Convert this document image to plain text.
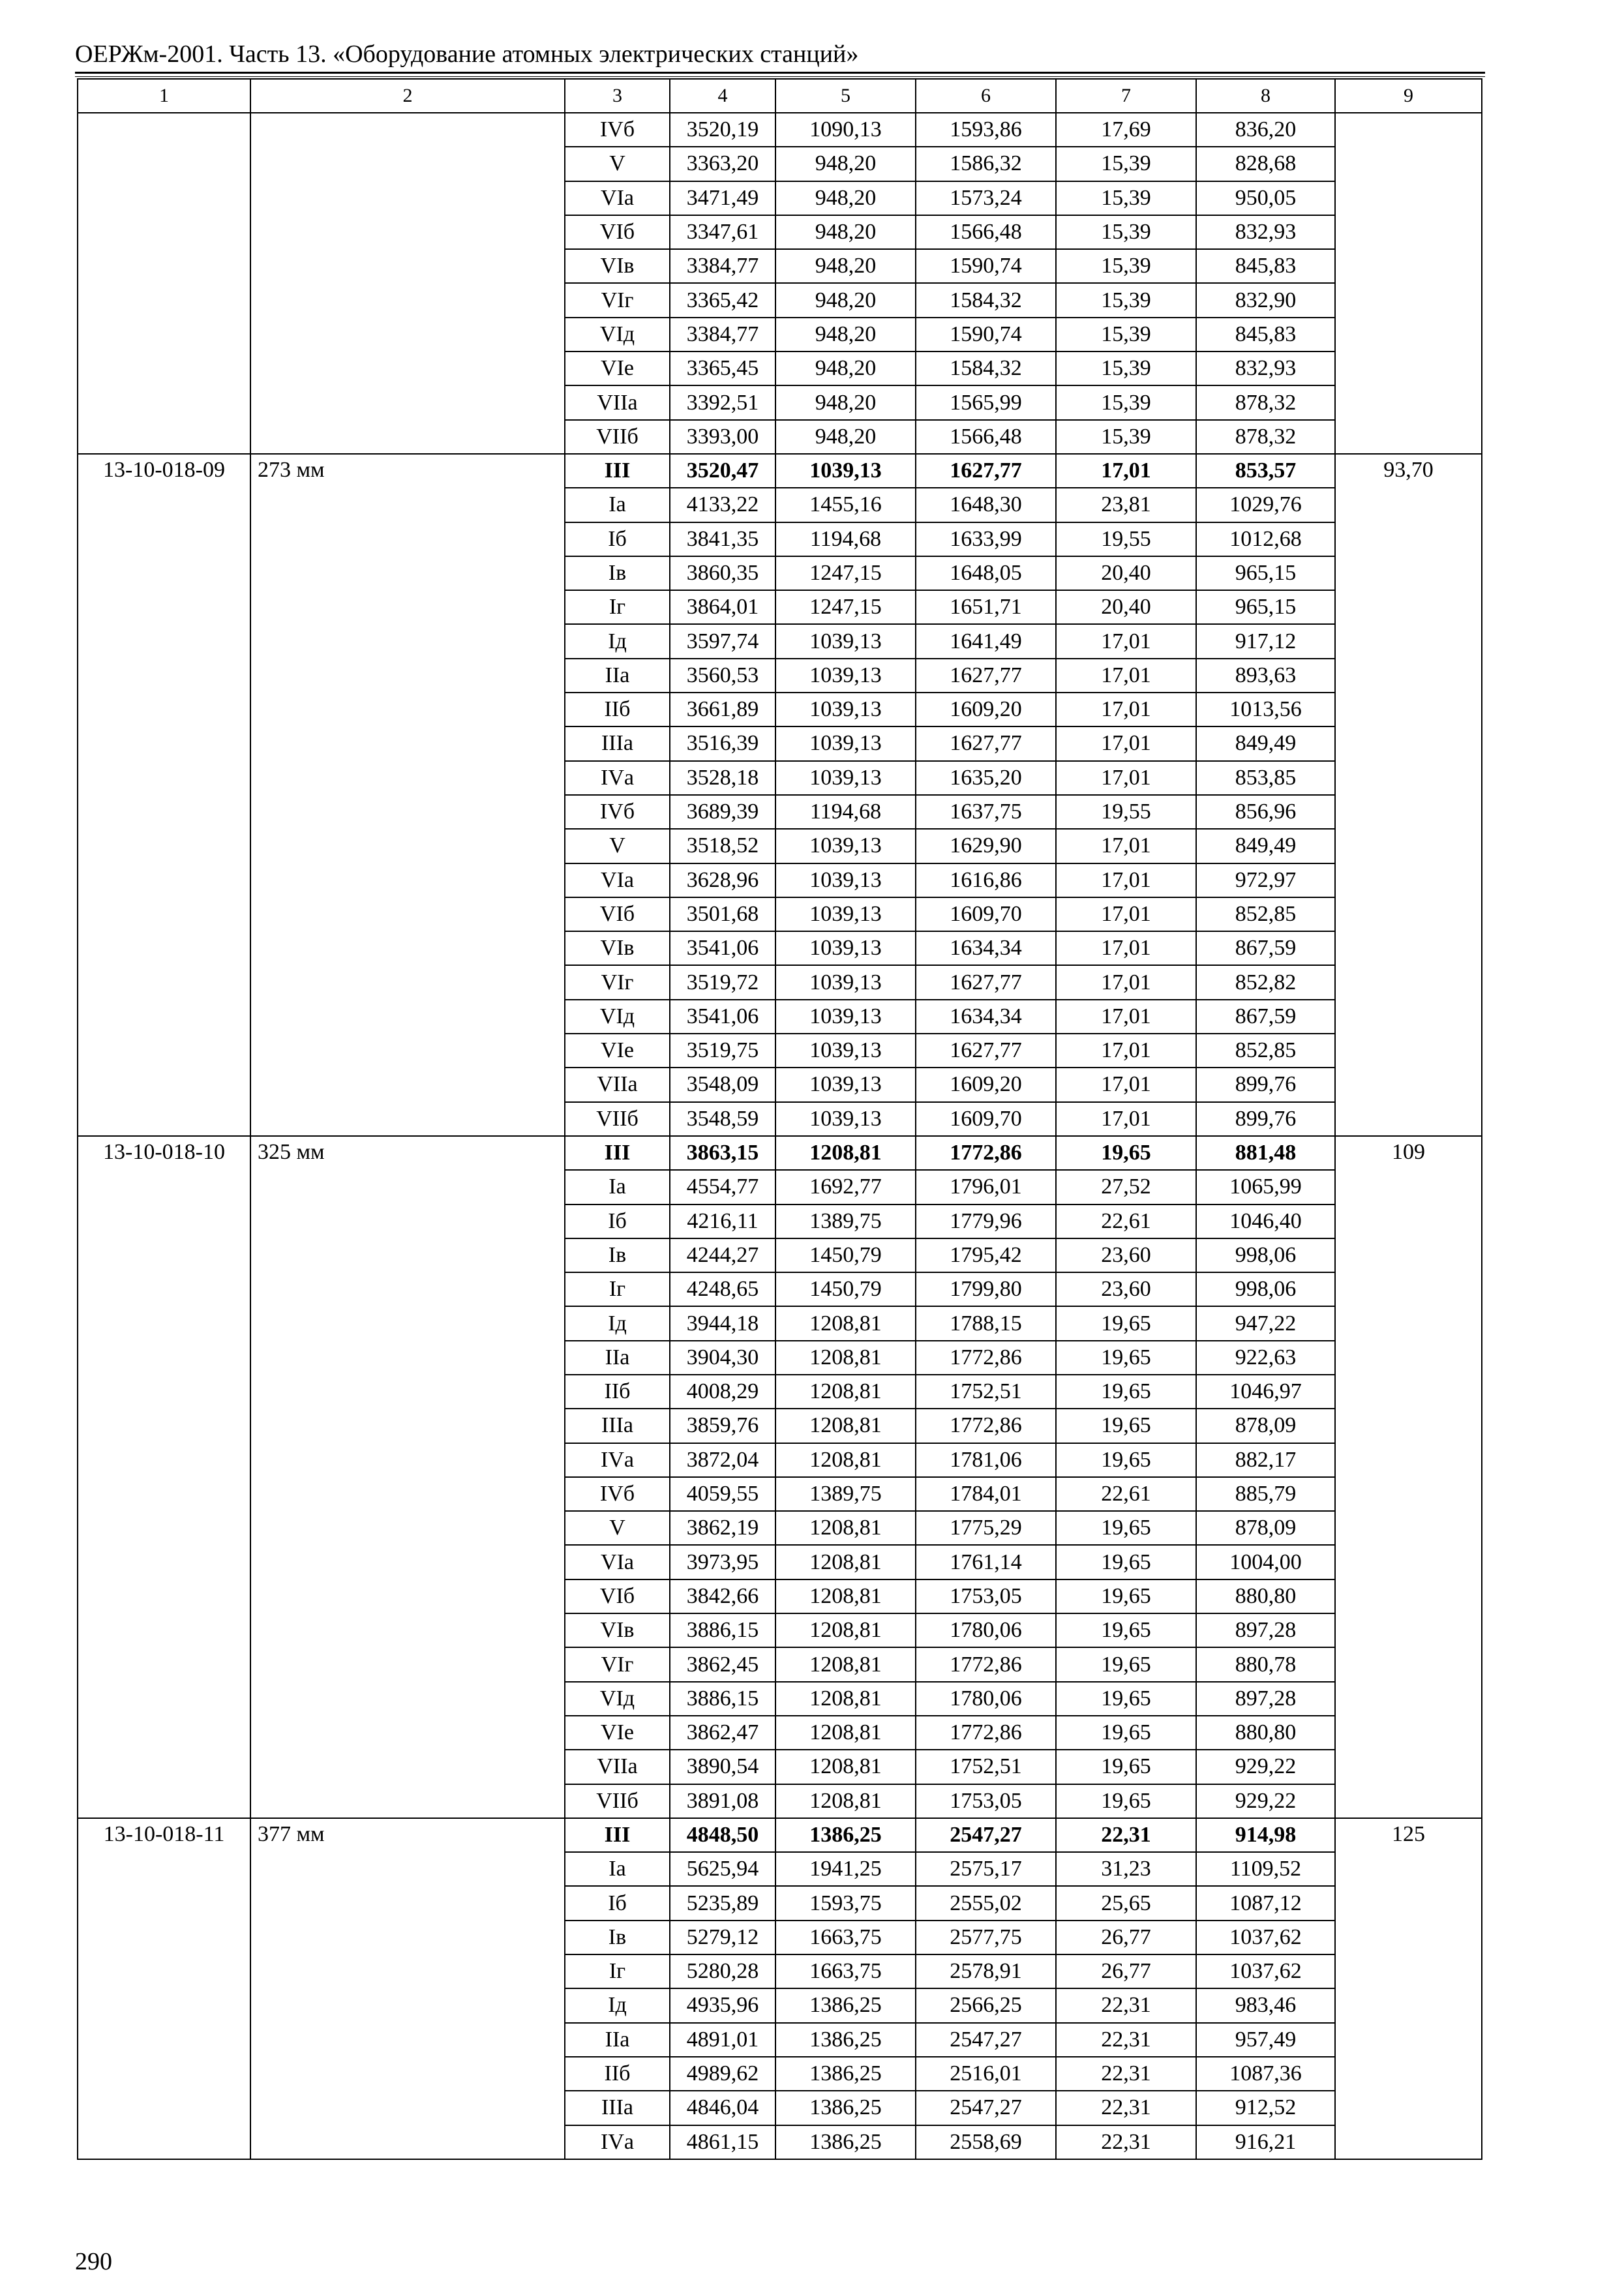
ОЕРЖм-2001. Часть 13. «Оборудование атомных электрических станций»
1	2	3	4	5	6	7	8	9
		IVб	3520,19	1090,13	1593,86	17,69	836,20	
		V	3363,20	948,20	1586,32	15,39	828,68	
		VIа	3471,49	948,20	1573,24	15,39	950,05	
		VIб	3347,61	948,20	1566,48	15,39	832,93	
		VIв	3384,77	948,20	1590,74	15,39	845,83	
		VIг	3365,42	948,20	1584,32	15,39	832,90	
		VIд	3384,77	948,20	1590,74	15,39	845,83	
		VIе	3365,45	948,20	1584,32	15,39	832,93	
		VIIа	3392,51	948,20	1565,99	15,39	878,32	
		VIIб	3393,00	948,20	1566,48	15,39	878,32	
13-10-018-09	273 мм	III	3520,47	1039,13	1627,77	17,01	853,57	93,70
		Iа	4133,22	1455,16	1648,30	23,81	1029,76	
		Iб	3841,35	1194,68	1633,99	19,55	1012,68	
		Iв	3860,35	1247,15	1648,05	20,40	965,15	
		Iг	3864,01	1247,15	1651,71	20,40	965,15	
		Iд	3597,74	1039,13	1641,49	17,01	917,12	
		IIа	3560,53	1039,13	1627,77	17,01	893,63	
		IIб	3661,89	1039,13	1609,20	17,01	1013,56	
		IIIа	3516,39	1039,13	1627,77	17,01	849,49	
		IVа	3528,18	1039,13	1635,20	17,01	853,85	
		IVб	3689,39	1194,68	1637,75	19,55	856,96	
		V	3518,52	1039,13	1629,90	17,01	849,49	
		VIа	3628,96	1039,13	1616,86	17,01	972,97	
		VIб	3501,68	1039,13	1609,70	17,01	852,85	
		VIв	3541,06	1039,13	1634,34	17,01	867,59	
		VIг	3519,72	1039,13	1627,77	17,01	852,82	
		VIд	3541,06	1039,13	1634,34	17,01	867,59	
		VIе	3519,75	1039,13	1627,77	17,01	852,85	
		VIIа	3548,09	1039,13	1609,20	17,01	899,76	
		VIIб	3548,59	1039,13	1609,70	17,01	899,76	
13-10-018-10	325 мм	III	3863,15	1208,81	1772,86	19,65	881,48	109
		Iа	4554,77	1692,77	1796,01	27,52	1065,99	
		Iб	4216,11	1389,75	1779,96	22,61	1046,40	
		Iв	4244,27	1450,79	1795,42	23,60	998,06	
		Iг	4248,65	1450,79	1799,80	23,60	998,06	
		Iд	3944,18	1208,81	1788,15	19,65	947,22	
		IIа	3904,30	1208,81	1772,86	19,65	922,63	
		IIб	4008,29	1208,81	1752,51	19,65	1046,97	
		IIIа	3859,76	1208,81	1772,86	19,65	878,09	
		IVа	3872,04	1208,81	1781,06	19,65	882,17	
		IVб	4059,55	1389,75	1784,01	22,61	885,79	
		V	3862,19	1208,81	1775,29	19,65	878,09	
		VIа	3973,95	1208,81	1761,14	19,65	1004,00	
		VIб	3842,66	1208,81	1753,05	19,65	880,80	
		VIв	3886,15	1208,81	1780,06	19,65	897,28	
		VIг	3862,45	1208,81	1772,86	19,65	880,78	
		VIд	3886,15	1208,81	1780,06	19,65	897,28	
		VIе	3862,47	1208,81	1772,86	19,65	880,80	
		VIIа	3890,54	1208,81	1752,51	19,65	929,22	
		VIIб	3891,08	1208,81	1753,05	19,65	929,22	
13-10-018-11	377 мм	III	4848,50	1386,25	2547,27	22,31	914,98	125
		Iа	5625,94	1941,25	2575,17	31,23	1109,52	
		Iб	5235,89	1593,75	2555,02	25,65	1087,12	
		Iв	5279,12	1663,75	2577,75	26,77	1037,62	
		Iг	5280,28	1663,75	2578,91	26,77	1037,62	
		Iд	4935,96	1386,25	2566,25	22,31	983,46	
		IIа	4891,01	1386,25	2547,27	22,31	957,49	
		IIб	4989,62	1386,25	2516,01	22,31	1087,36	
		IIIа	4846,04	1386,25	2547,27	22,31	912,52	
		IVа	4861,15	1386,25	2558,69	22,31	916,21	
290
